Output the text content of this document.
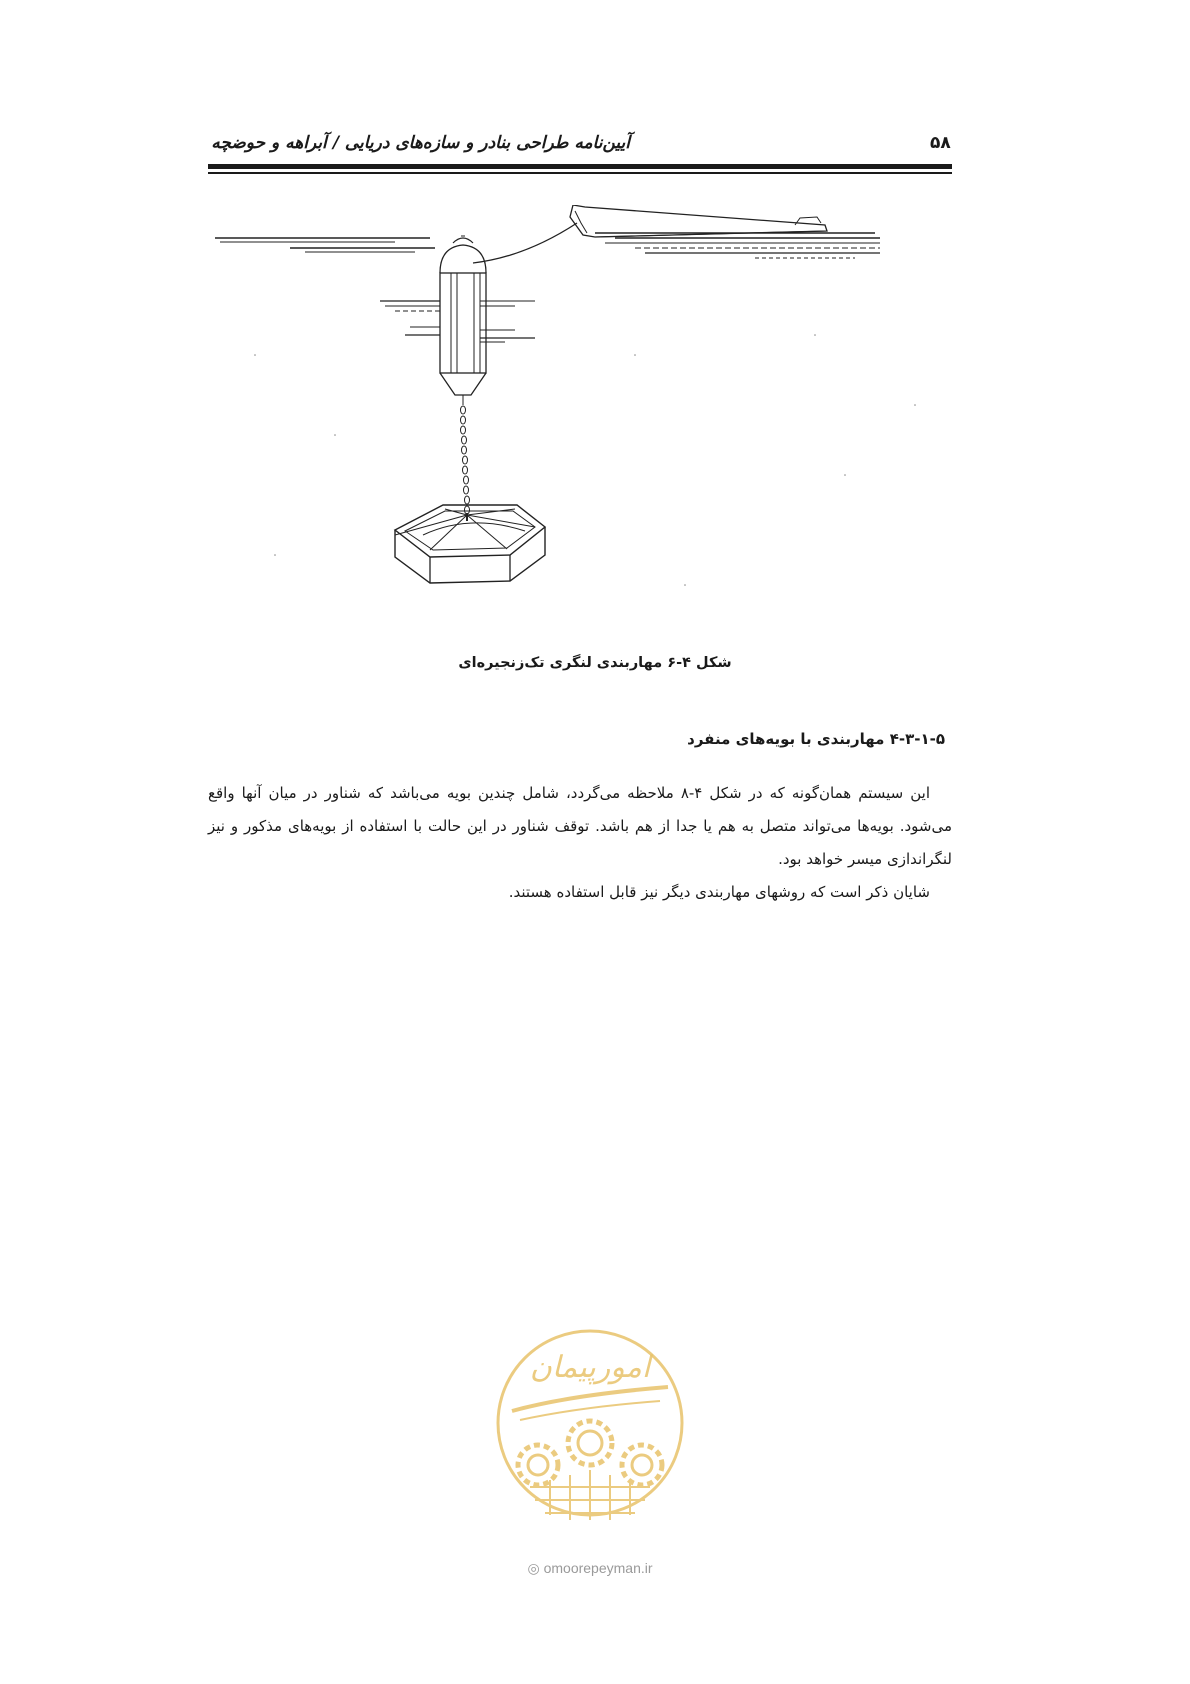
آیین‌نامه طراحی بنادر و سازه‌های دریایی / آبراهه و حوضچه	۵۸
شکل ۴-۶ مهاربندی لنگری تک‌زنجیره‌ای
۴-۳-۱-۵ مهاربندی با بویه‌های منفرد

این سیستم همان‌گونه که در شکل ۴-۸ ملاحظه می‌گردد، شامل چندین بویه می‌باشد که شناور در میان آنها واقع می‌شود. بویه‌ها می‌تواند متصل به هم یا جدا از هم باشد. توقف شناور در این حالت با استفاده از بویه‌های مذکور و نیز لنگراندازی میسر خواهد بود.

شایان ذکر است که روشهای مهاربندی دیگر نیز قابل استفاده هستند.

امورپیمان
◎ omoorepeyman.ir
